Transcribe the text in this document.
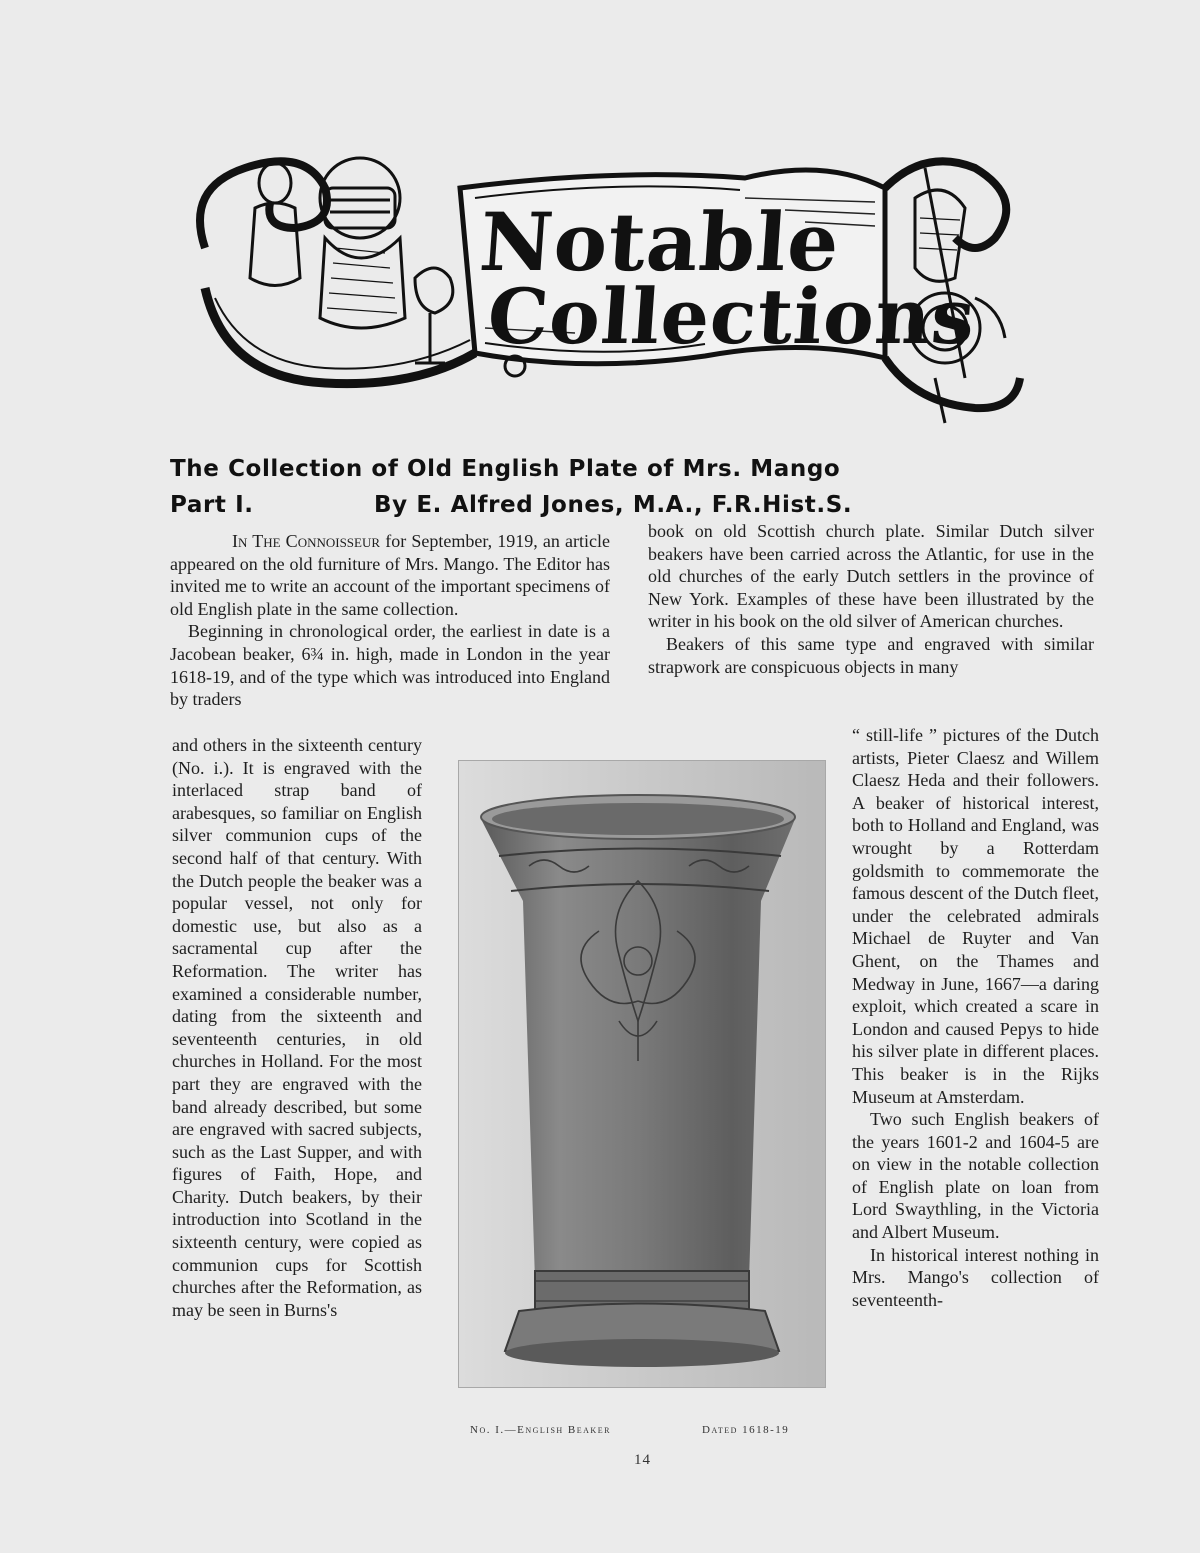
Notable
Collections
The Collection of Old English Plate of Mrs. Mango
Part I.	By E. Alfred Jones, M.A., F.R.Hist.S.

In The Connoisseur for September, 1919, an article appeared on the old furniture of Mrs. Mango. The Editor has invited me to write an account of the important specimens of old English plate in the same collection.

Beginning in chronological order, the earliest in date is a Jacobean beaker, 6¾ in. high, made in London in the year 1618-19, and of the type which was introduced into England by traders

and others in the sixteenth century (No. i.). It is engraved with the interlaced strap band of arabesques, so familiar on English silver communion cups of the second half of that century. With the Dutch people the beaker was a popular vessel, not only for domestic use, but also as a sacramental cup after the Reformation. The writer has examined a considerable number, dating from the sixteenth and seventeenth centuries, in old churches in Holland. For the most part they are engraved with the band already described, but some are engraved with sacred subjects, such as the Last Supper, and with figures of Faith, Hope, and Charity. Dutch beakers, by their introduction into Scotland in the sixteenth century, were copied as communion cups for Scottish churches after the Reformation, as may be seen in Burns's

book on old Scottish church plate. Similar Dutch silver beakers have been carried across the Atlantic, for use in the old churches of the early Dutch settlers in the province of New York. Examples of these have been illustrated by the writer in his book on the old silver of American churches.

Beakers of this same type and engraved with similar strapwork are conspicuous objects in many

“ still-life ” pictures of the Dutch artists, Pieter Claesz and Willem Claesz Heda and their followers. A beaker of historical interest, both to Holland and England, was wrought by a Rotterdam goldsmith to commemorate the famous descent of the Dutch fleet, under the celebrated admirals Michael de Ruyter and Van Ghent, on the Thames and Medway in June, 1667—a daring exploit, which created a scare in London and caused Pepys to hide his silver plate in different places. This beaker is in the Rijks Museum at Amsterdam.

Two such English beakers of the years 1601-2 and 1604-5 are on view in the notable collection of English plate on loan from Lord Swaythling, in the Victoria and Albert Museum.

In historical interest nothing in Mrs. Mango's collection of seventeenth-

No. I.—English Beaker	Dated 1618-19
14
